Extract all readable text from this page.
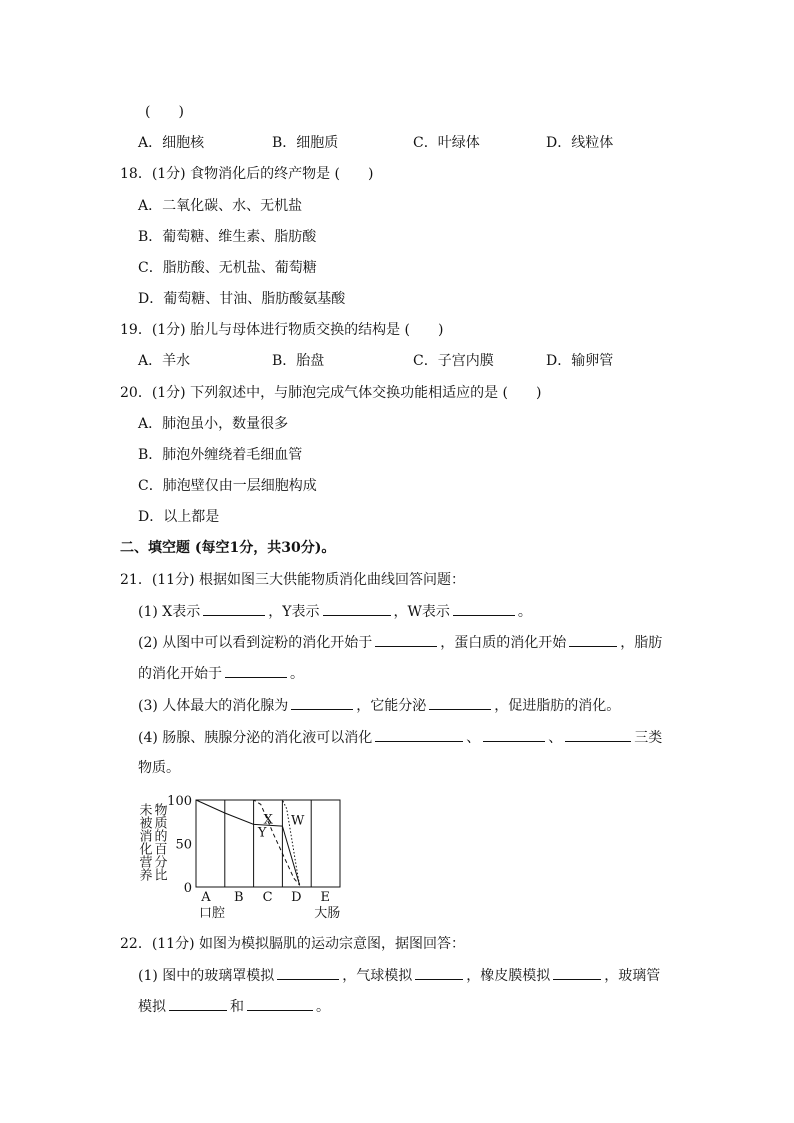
(　　)
A．细胞核	B．细胞质	C．叶绿体	D．线粒体
18．(1分) 食物消化后的终产物是 (　　)
A．二氧化碳、水、无机盐
B．葡萄糖、维生素、脂肪酸
C．脂肪酸、无机盐、葡萄糖
D．葡萄糖、甘油、脂肪酸氨基酸
19．(1分) 胎儿与母体进行物质交换的结构是 (　　)
A．羊水	B．胎盘	C．子宫内膜	D．输卵管
20．(1分) 下列叙述中，与肺泡完成气体交换功能相适应的是 (　　)
A．肺泡虽小，数量很多
B．肺泡外缠绕着毛细血管
C．肺泡壁仅由一层细胞构成
D．以上都是
二、填空题 (每空1分，共30分)。
21．(11分) 根据如图三大供能物质消化曲线回答问题：
(1) X表示	，Y表示	，W表示	。
(2) 从图中可以看到淀粉的消化开始于	，蛋白质的消化开始	，脂肪
的消化开始于	。
(3) 人体最大的消化腺为	，它能分泌	，促进脂肪的消化。
(4) 肠腺、胰腺分泌的消化液可以消化	、	、	三类
物质。
未被消化营养 物质的百分比
100
50
0
X
Y
W
A B C D E
口腔	大肠
22．(11分) 如图为模拟膈肌的运动宗意图，据图回答：
(1) 图中的玻璃罩模拟	，气球模拟	，橡皮膜模拟	，玻璃管
模拟	和	。
